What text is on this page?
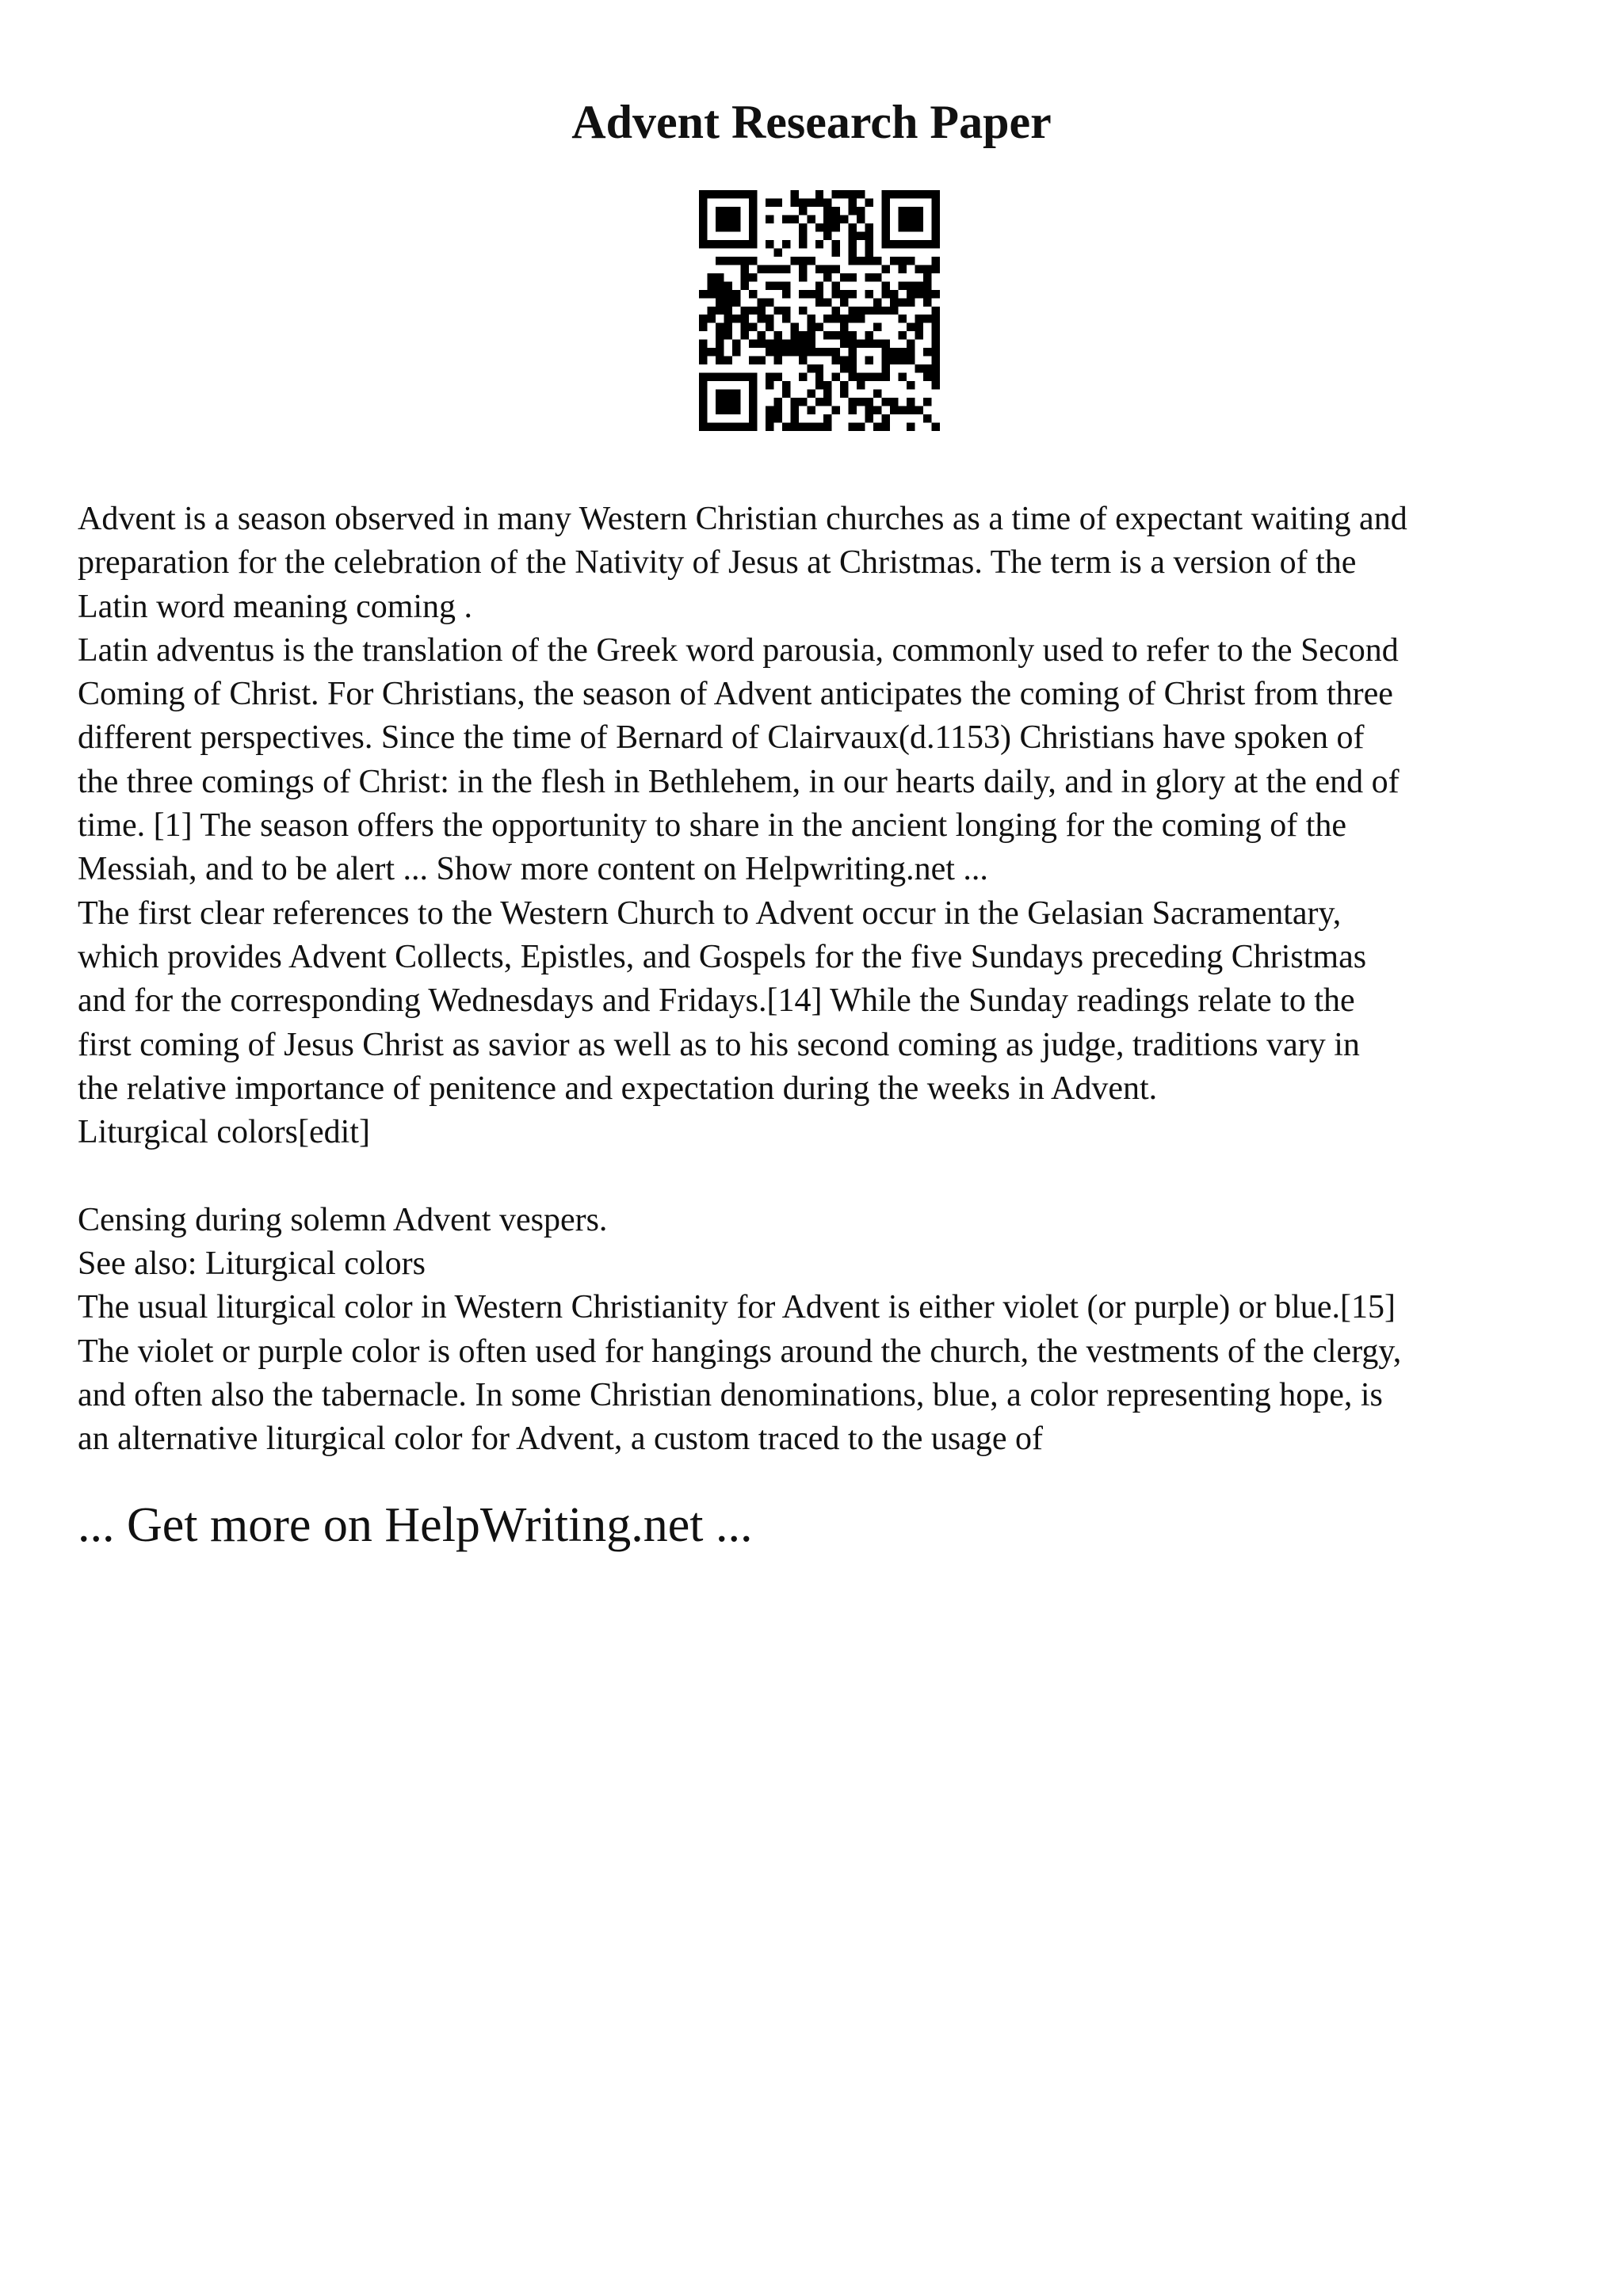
Advent Research Paper
Advent is a season observed in many Western Christian churches as a time of expectant waiting and
preparation for the celebration of the Nativity of Jesus at Christmas. The term is a version of the
Latin word meaning coming .
Latin adventus is the translation of the Greek word parousia, commonly used to refer to the Second
Coming of Christ. For Christians, the season of Advent anticipates the coming of Christ from three
different perspectives. Since the time of Bernard of Clairvaux(d.1153) Christians have spoken of
the three comings of Christ: in the flesh in Bethlehem, in our hearts daily, and in glory at the end of
time. [1] The season offers the opportunity to share in the ancient longing for the coming of the
Messiah, and to be alert ... Show more content on Helpwriting.net ...
The first clear references to the Western Church to Advent occur in the Gelasian Sacramentary,
which provides Advent Collects, Epistles, and Gospels for the five Sundays preceding Christmas
and for the corresponding Wednesdays and Fridays.[14] While the Sunday readings relate to the
first coming of Jesus Christ as savior as well as to his second coming as judge, traditions vary in
the relative importance of penitence and expectation during the weeks in Advent.
Liturgical colors[edit]
Censing during solemn Advent vespers.
See also: Liturgical colors
The usual liturgical color in Western Christianity for Advent is either violet (or purple) or blue.[15]
The violet or purple color is often used for hangings around the church, the vestments of the clergy,
and often also the tabernacle. In some Christian denominations, blue, a color representing hope, is
an alternative liturgical color for Advent, a custom traced to the usage of
... Get more on HelpWriting.net ...
